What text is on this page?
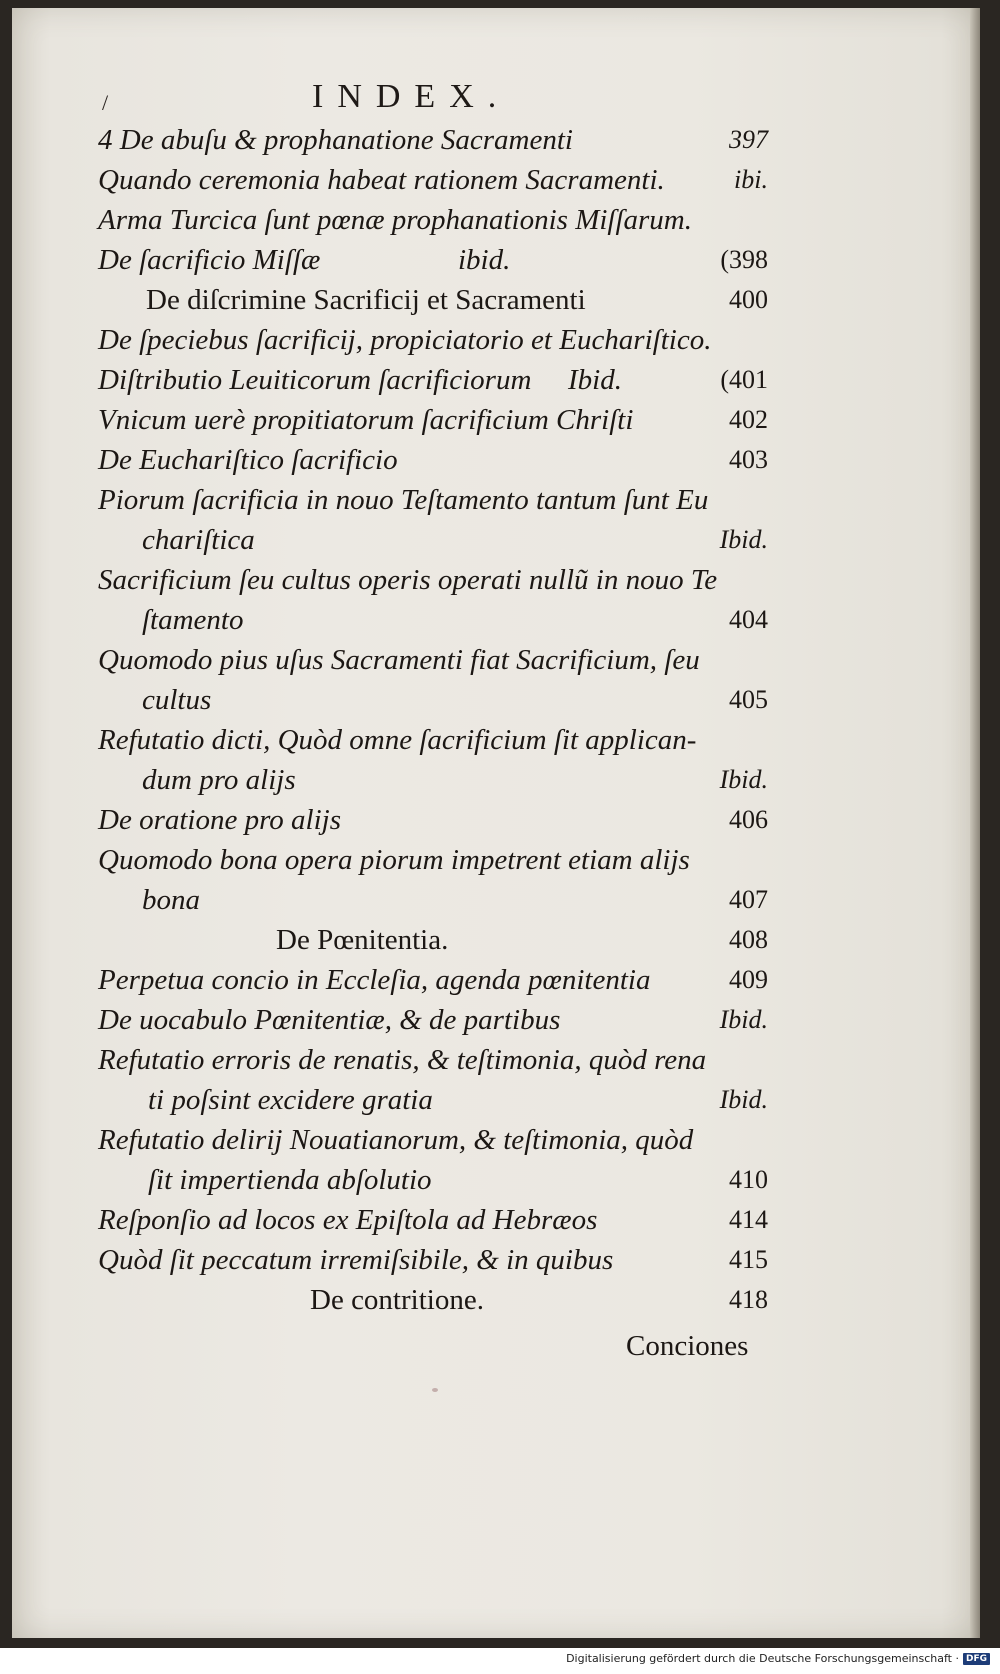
/	INDEX.
4 De abuſu & prophanatione Sacramenti	397
Quando ceremonia habeat rationem Sacramenti.	ibi.
Arma Turcica ſunt pœnæ prophanationis Miſſarum.
De ſacrificio Miſſæ	ibid.	(398
De diſcrimine Sacrificij et Sacramenti	400
De ſpeciebus ſacrificij, propiciatorio et Euchariſtico.
Diſtributio Leuiticorum ſacrificiorum Ibid.	(401
Vnicum uerè propitiatorum ſacrificium Chriſti	402
De Euchariſtico ſacrificio	403
Piorum ſacrificia in nouo Teſtamento tantum ſunt Eu
chariſtica	Ibid.
Sacrificium ſeu cultus operis operati nullũ in nouo Te
ſtamento	404
Quomodo pius uſus Sacramenti fiat Sacrificium, ſeu
cultus	405
Refutatio dicti, Quòd omne ſacrificium ſit applican-
dum pro alijs	Ibid.
De oratione pro alijs	406
Quomodo bona opera piorum impetrent etiam alijs
bona	407
De Pœnitentia.	408
Perpetua concio in Eccleſia, agenda pœnitentia	409
De uocabulo Pœnitentiæ, & de partibus	Ibid.
Refutatio erroris de renatis, & teſtimonia, quòd rena
ti poſsint excidere gratia	Ibid.
Refutatio delirij Nouatianorum, & teſtimonia, quòd
ſit impertienda abſolutio	410
Reſponſio ad locos ex Epiſtola ad Hebræos	414
Quòd ſit peccatum irremiſsibile, & in quibus	415
De contritione.	418
Conciones
Digitalisierung gefördert durch die Deutsche Forschungsgemeinschaft · DFG
